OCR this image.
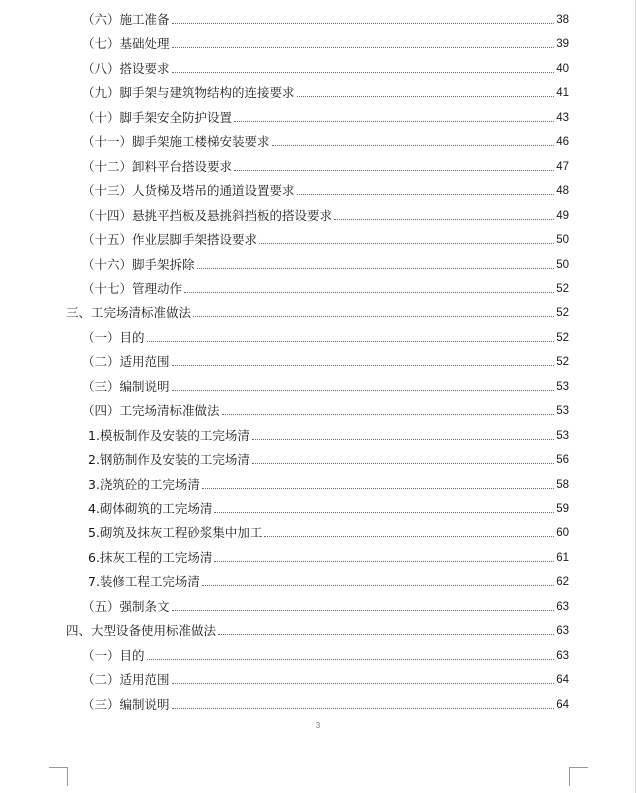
（六）施工准备	38
（七）基础处理	39
（八）搭设要求	40
（九）脚手架与建筑物结构的连接要求	41
（十）脚手架安全防护设置	43
（十一）脚手架施工楼梯安装要求	46
（十二）卸料平台搭设要求	47
（十三）人货梯及塔吊的通道设置要求	48
（十四）悬挑平挡板及悬挑斜挡板的搭设要求	49
（十五）作业层脚手架搭设要求	50
（十六）脚手架拆除	50
（十七）管理动作	52
三、工完场清标准做法	52
（一）目的	52
（二）适用范围	52
（三）编制说明	53
（四）工完场清标准做法	53
1.模板制作及安装的工完场清	53
2.钢筋制作及安装的工完场清	56
3.浇筑砼的工完场清	58
4.砌体砌筑的工完场清	59
5.砌筑及抹灰工程砂浆集中加工	60
6.抹灰工程的工完场清	61
7.装修工程工完场清	62
（五）强制条文	63
四、大型设备使用标准做法	63
（一）目的	63
（二）适用范围	64
（三）编制说明	64
3
